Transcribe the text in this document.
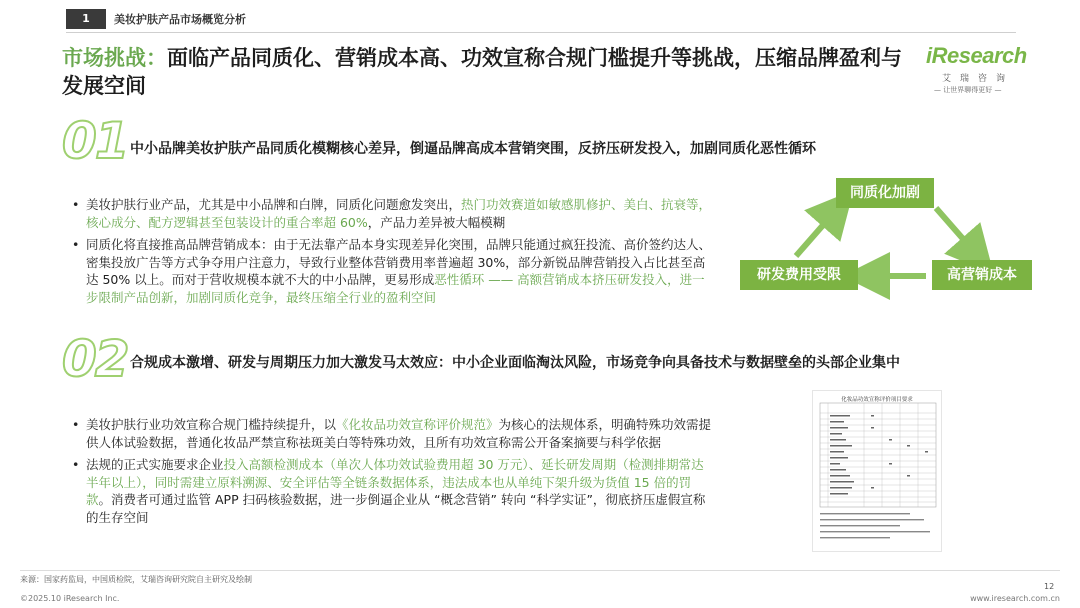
1	美妆护肤产品市场概览分析
市场挑战：面临产品同质化、营销成本高、功效宣称合规门槛提升等挑战，压缩品牌盈利与发展空间
iResearch
艾瑞咨询
— 让世界聊得更好 —
01 中小品牌美妆护肤产品同质化模糊核心差异，倒逼品牌高成本营销突围，反挤压研发投入，加剧同质化恶性循环
• 美妆护肤行业产品，尤其是中小品牌和白牌，同质化问题愈发突出，热门功效赛道如敏感肌修护、美白、抗衰等，核心成分、配方逻辑甚至包装设计的重合率超 60%，产品力差异被大幅模糊
• 同质化将直接推高品牌营销成本：由于无法靠产品本身实现差异化突围，品牌只能通过疯狂投流、高价签约达人、密集投放广告等方式争夺用户注意力，导致行业整体营销费用率普遍超 30%，部分新锐品牌营销投入占比甚至高达 50% 以上。而对于营收规模本就不大的中小品牌，更易形成恶性循环 —— 高额营销成本挤压研发投入，进一步限制产品创新，加剧同质化竞争，最终压缩全行业的盈利空间
同质化加剧
高营销成本
研发费用受限
02 合规成本激增、研发与周期压力加大激发马太效应：中小企业面临淘汰风险，市场竞争向具备技术与数据壁垒的头部企业集中
• 美妆护肤行业功效宣称合规门槛持续提升，以《化妆品功效宣称评价规范》为核心的法规体系，明确特殊功效需提供人体试验数据，普通化妆品严禁宣称祛斑美白等特殊功效，且所有功效宣称需公开备案摘要与科学依据
• 法规的正式实施要求企业投入高额检测成本（单次人体功效试验费用超 30 万元）、延长研发周期（检测排期常达半年以上），同时需建立原料溯源、安全评估等全链条数据体系，违法成本也从单纯下架升级为货值 15 倍的罚款。消费者可通过监管 APP 扫码核验数据，进一步倒逼企业从 “概念营销” 转向 “科学实证”，彻底挤压虚假宣称的生存空间
化妆品功效宣称评价项目要求
来源：国家药监局，中国质检院，艾瑞咨询研究院自主研究及绘制
©2025.10 iResearch Inc.
12
www.iresearch.com.cn
